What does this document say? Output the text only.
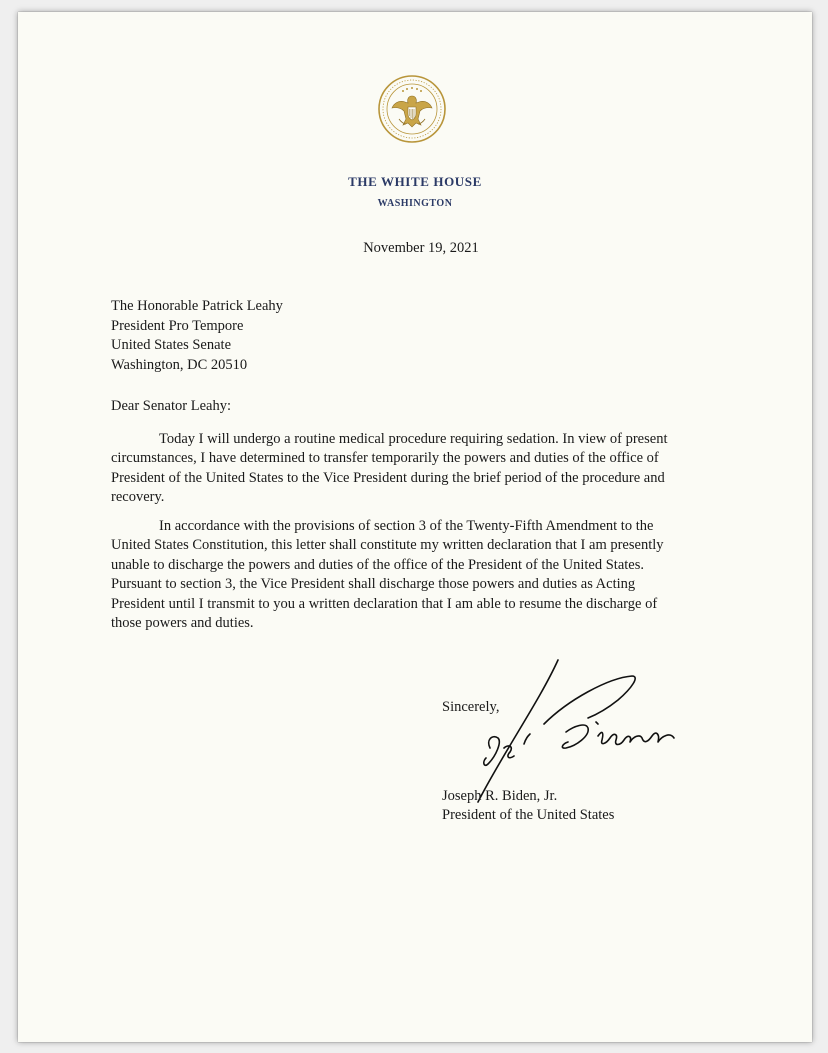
THE WHITE HOUSE
WASHINGTON
November 19, 2021
The Honorable Patrick Leahy
President Pro Tempore
United States Senate
Washington, DC 20510
Dear Senator Leahy:
Today I will undergo a routine medical procedure requiring sedation. In view of present
circumstances, I have determined to transfer temporarily the powers and duties of the office of
President of the United States to the Vice President during the brief period of the procedure and
recovery.
In accordance with the provisions of section 3 of the Twenty-Fifth Amendment to the
United States Constitution, this letter shall constitute my written declaration that I am presently
unable to discharge the powers and duties of the office of the President of the United States.
Pursuant to section 3, the Vice President shall discharge those powers and duties as Acting
President until I transmit to you a written declaration that I am able to resume the discharge of
those powers and duties.
Sincerely,
Joseph R. Biden, Jr.
President of the United States
